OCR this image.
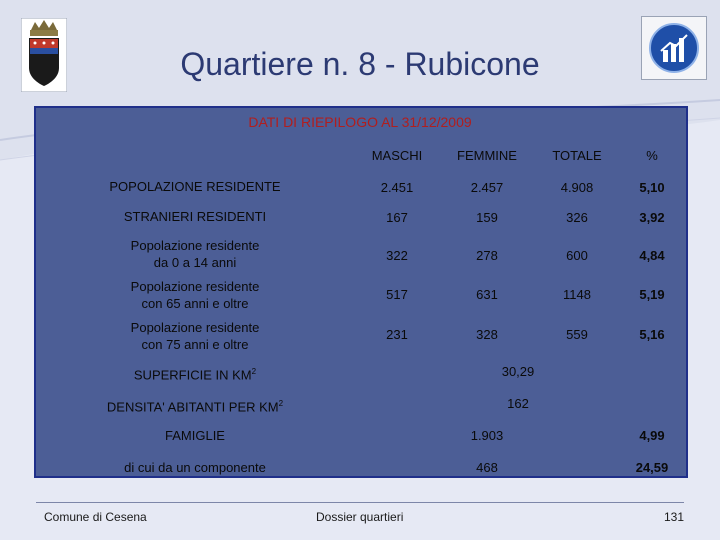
Quartiere n. 8 - Rubicone
DATI DI RIEPILOGO AL 31/12/2009
MASCHI	FEMMINE	TOTALE	%
POPOLAZIONE RESIDENTE	2.451	2.457	4.908	5,10
STRANIERI RESIDENTI	167	159	326	3,92
Popolazione residente
da 0 a 14 anni	322	278	600	4,84
Popolazione residente
con 65 anni e oltre
517	631	1148	5,19
Popolazione residente
con 75 anni e oltre
231	328	559	5,16
SUPERFICIE IN $KM^2$	30,29
DENSITA' ABITANTI PER $KM^2$	162
FAMIGLIE	1.903	4,99
di cui da un componente	468	24,59
Comune di Cesena	Dossier quartieri	131
